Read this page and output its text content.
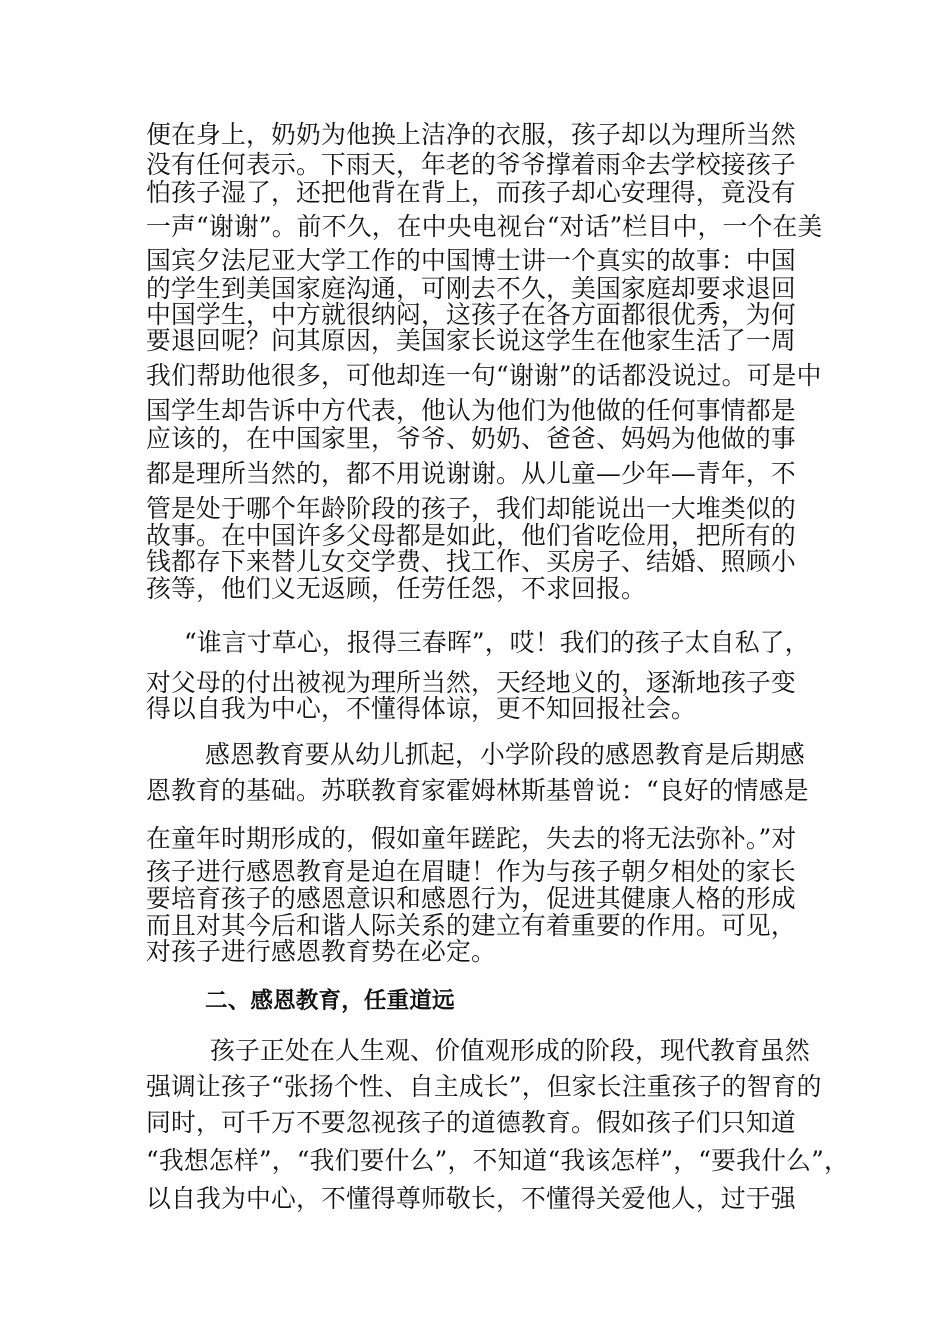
便在身上，奶奶为他换上洁净的衣服，孩子却以为理所当然
没有任何表示。下雨天，年老的爷爷撑着雨伞去学校接孩子
怕孩子湿了，还把他背在背上，而孩子却心安理得，竟没有
一声“谢谢”。前不久，在中央电视台“对话”栏目中，一个在美
国宾夕法尼亚大学工作的中国博士讲一个真实的故事：中国
的学生到美国家庭沟通，可刚去不久，美国家庭却要求退回
中国学生，中方就很纳闷，这孩子在各方面都很优秀，为何
要退回呢？问其原因，美国家长说这学生在他家生活了一周
我们帮助他很多，可他却连一句“谢谢”的话都没说过。可是中
国学生却告诉中方代表，他认为他们为他做的任何事情都是
应该的，在中国家里，爷爷、奶奶、爸爸、妈妈为他做的事
都是理所当然的，都不用说谢谢。从儿童—少年—青年，不
管是处于哪个年龄阶段的孩子，我们却能说出一大堆类似的
故事。在中国许多父母都是如此，他们省吃俭用，把所有的
钱都存下来替儿女交学费、找工作、买房子、结婚、照顾小
孩等，他们义无返顾，任劳任怨，不求回报。
“谁言寸草心，报得三春晖”，哎！我们的孩子太自私了，
对父母的付出被视为理所当然，天经地义的，逐渐地孩子变
得以自我为中心，不懂得体谅，更不知回报社会。
感恩教育要从幼儿抓起，小学阶段的感恩教育是后期感
恩教育的基础。苏联教育家霍姆林斯基曾说：“良好的情感是
在童年时期形成的，假如童年蹉跎，失去的将无法弥补。”对
孩子进行感恩教育是迫在眉睫！作为与孩子朝夕相处的家长
要培育孩子的感恩意识和感恩行为，促进其健康人格的形成
而且对其今后和谐人际关系的建立有着重要的作用。可见，
对孩子进行感恩教育势在必定。
二、感恩教育，任重道远
孩子正处在人生观、价值观形成的阶段，现代教育虽然
强调让孩子“张扬个性、自主成长”，但家长注重孩子的智育的
同时，可千万不要忽视孩子的道德教育。假如孩子们只知道
“我想怎样”，“我们要什么”，不知道“我该怎样”，“要我什么”，
以自我为中心，不懂得尊师敬长，不懂得关爱他人，过于强
